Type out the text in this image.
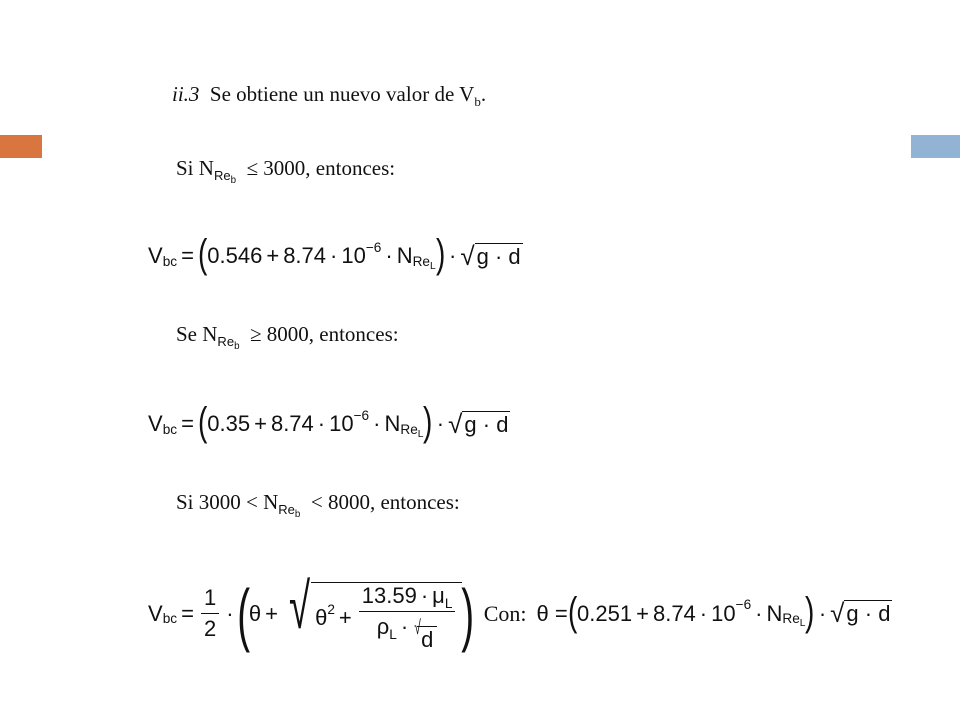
ii.3 Se obtiene un nuevo valor de $V_b$.
Si $N_{Re_b} \le 3000$, entonces:
V bc = ( 0.546 + 8.74 · 10 −6 · N $Re_L$ ) · √ g · d
Se $N_{Re_b} \ge 8000$, entonces:
V bc = ( 0.35 + 8.74 · 10 −6 · N $Re_L$ ) · √ g · d
Si $3000 < N_{Re_b} < 8000$, entonces:
V bc = $\frac{1}{2}$ · ( θ + √ θ $2 + \frac{13.59 \cdot \mu_L}{\rho_L \cdot √ d}$ ) Con: θ = ( 0.251 + 8.74 · 10 −6 · N $Re_L$ ) · √ g · d
